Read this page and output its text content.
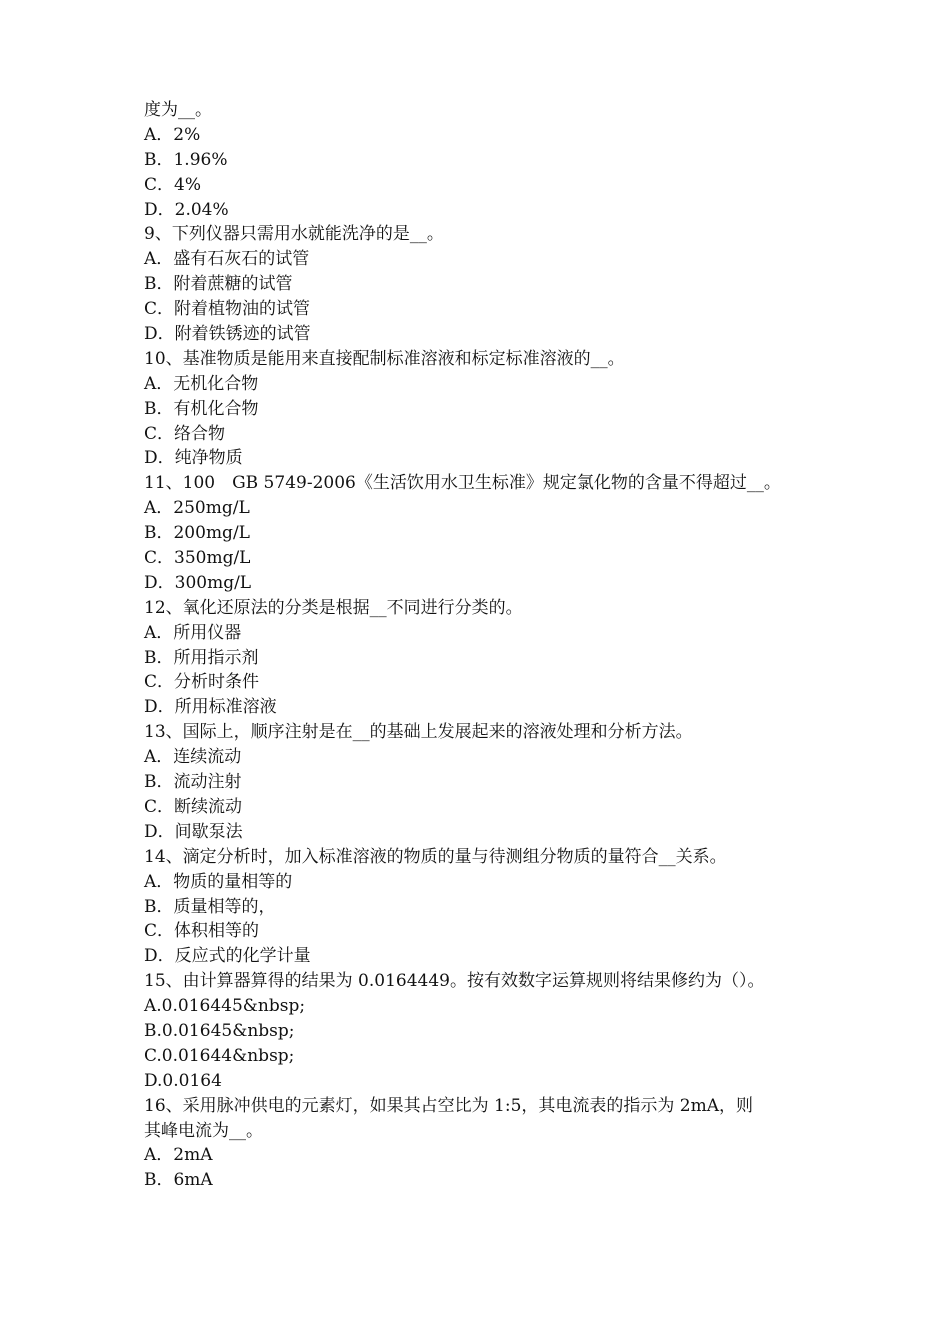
度为__。

A．2%

B．1.96%

C．4%

D．2.04%

9、下列仪器只需用水就能洗净的是__。

A．盛有石灰石的试管

B．附着蔗糖的试管

C．附着植物油的试管

D．附着铁锈迹的试管

10、基准物质是能用来直接配制标准溶液和标定标准溶液的__。

A．无机化合物

B．有机化合物

C．络合物

D．纯净物质

11、100　GB 5749-2006《生活饮用水卫生标准》规定氯化物的含量不得超过__。

A．250mg/L

B．200mg/L

C．350mg/L

D．300mg/L

12、氧化还原法的分类是根据__不同进行分类的。

A．所用仪器

B．所用指示剂

C．分析时条件

D．所用标准溶液

13、国际上，顺序注射是在__的基础上发展起来的溶液处理和分析方法。

A．连续流动

B．流动注射

C．断续流动

D．间歇泵法

14、滴定分析时，加入标准溶液的物质的量与待测组分物质的量符合__关系。

A．物质的量相等的

B．质量相等的，

C．体积相等的

D．反应式的化学计量

15、由计算器算得的结果为 0.0164449。按有效数字运算规则将结果修约为（）。

A.0.016445&nbsp;

B.0.01645&nbsp;

C.0.01644&nbsp;

D.0.0164

16、采用脉冲供电的元素灯，如果其占空比为 1:5，其电流表的指示为 2mA，则

其峰电流为__。

A．2mA

B．6mA
